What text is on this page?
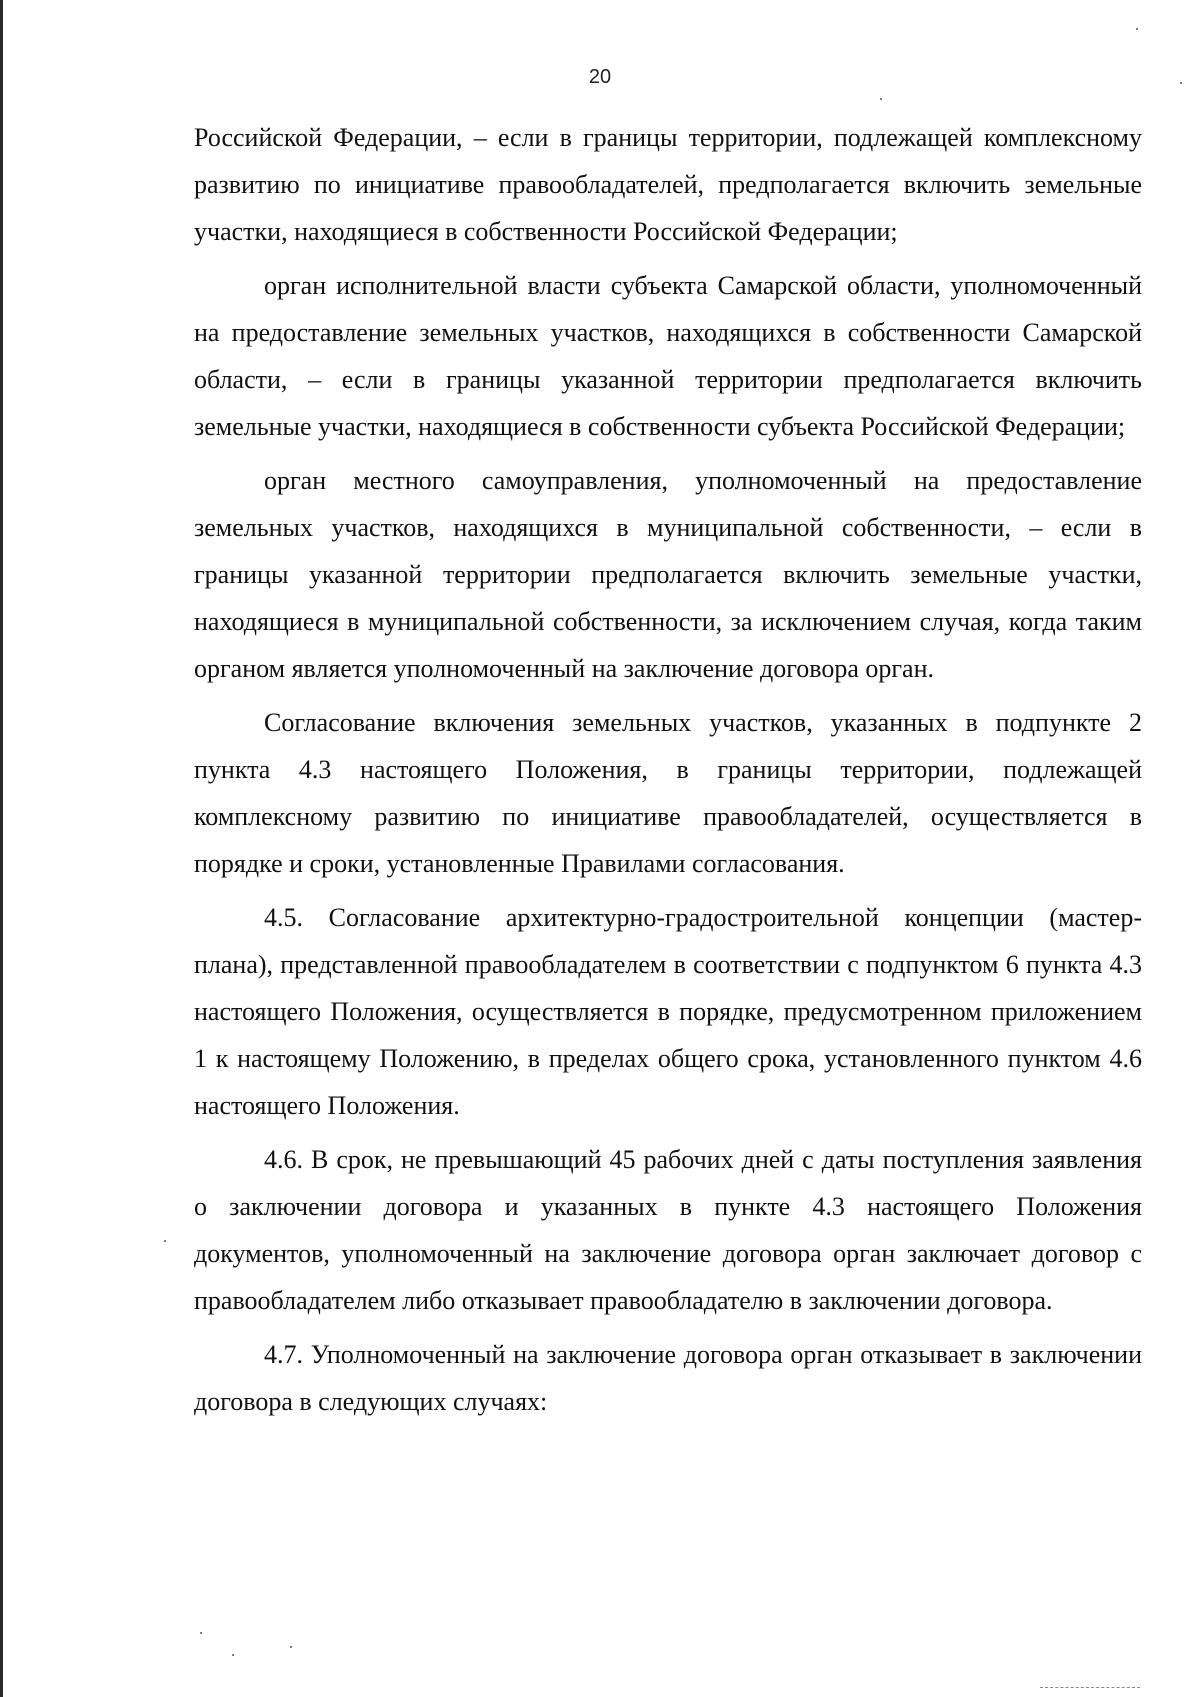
20

Российской Федерации, – если в границы территории, подлежащей комплексному развитию по инициативе правообладателей, предполагается включить земельные участки, находящиеся в собственности Российской Федерации;

орган исполнительной власти субъекта Самарской области, уполномоченный на предоставление земельных участков, находящихся в собственности Самарской области, – если в границы указанной территории предполагается включить земельные участки, находящиеся в собственности субъекта Российской Федерации;

орган местного самоуправления, уполномоченный на предоставление земельных участков, находящихся в муниципальной собственности, – если в границы указанной территории предполагается включить земельные участки, находящиеся в муниципальной собственности, за исключением случая, когда таким органом является уполномоченный на заключение договора орган.

Согласование включения земельных участков, указанных в подпункте 2 пункта 4.3 настоящего Положения, в границы территории, подлежащей комплексному развитию по инициативе правообладателей, осуществляется в порядке и сроки, установленные Правилами согласования.

4.5. Согласование архитектурно-градостроительной концепции (мастер-плана), представленной правообладателем в соответствии с подпунктом 6 пункта 4.3 настоящего Положения, осуществляется в порядке, предусмотренном приложением 1 к настоящему Положению, в пределах общего срока, установленного пунктом 4.6 настоящего Положения.

4.6. В срок, не превышающий 45 рабочих дней с даты поступления заявления о заключении договора и указанных в пункте 4.3 настоящего Положения документов, уполномоченный на заключение договора орган заключает договор с правообладателем либо отказывает правообладателю в заключении договора.

4.7. Уполномоченный на заключение договора орган отказывает в заключении договора в следующих случаях:
